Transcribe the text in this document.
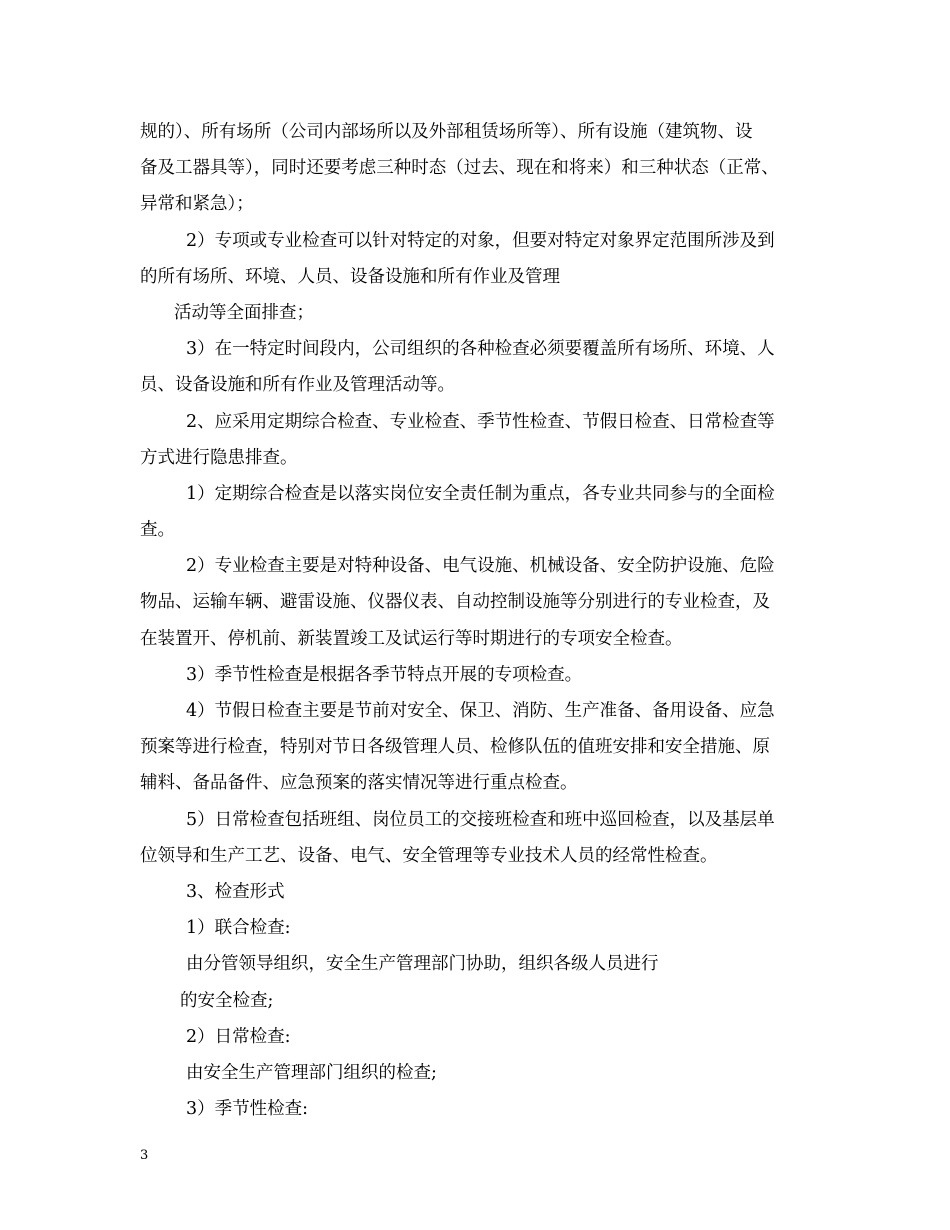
规的）、所有场所（公司内部场所以及外部租赁场所等）、所有设施（建筑物、设
备及工器具等），同时还要考虑三种时态（过去、现在和将来）和三种状态（正常、
异常和紧急）；
2）专项或专业检查可以针对特定的对象，但要对特定对象界定范围所涉及到
的所有场所、环境、人员、设备设施和所有作业及管理
活动等全面排查；
3）在一特定时间段内，公司组织的各种检查必须要覆盖所有场所、环境、人
员、设备设施和所有作业及管理活动等。
2、应采用定期综合检查、专业检查、季节性检查、节假日检查、日常检查等
方式进行隐患排查。
1）定期综合检查是以落实岗位安全责任制为重点，各专业共同参与的全面检
查。
2）专业检查主要是对特种设备、电气设施、机械设备、安全防护设施、危险
物品、运输车辆、避雷设施、仪器仪表、自动控制设施等分别进行的专业检查，及
在装置开、停机前、新装置竣工及试运行等时期进行的专项安全检查。
3）季节性检查是根据各季节特点开展的专项检查。
4）节假日检查主要是节前对安全、保卫、消防、生产准备、备用设备、应急
预案等进行检查，特别对节日各级管理人员、检修队伍的值班安排和安全措施、原
辅料、备品备件、应急预案的落实情况等进行重点检查。
5）日常检查包括班组、岗位员工的交接班检查和班中巡回检查，以及基层单
位领导和生产工艺、设备、电气、安全管理等专业技术人员的经常性检查。
3、检查形式
1）联合检查:
由分管领导组织，安全生产管理部门协助，组织各级人员进行
的安全检查;
2）日常检查:
由安全生产管理部门组织的检查;
3）季节性检查:
3
